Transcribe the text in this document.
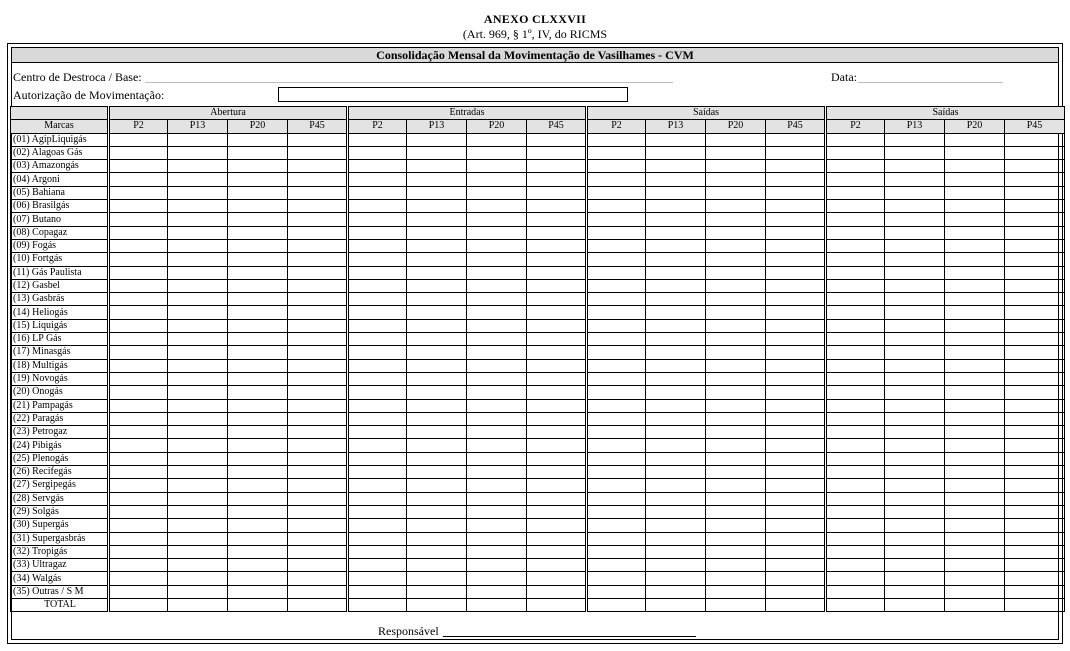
ANEXO CLXXVII
(Art. 969, § 1º, IV, do RICMS
Consolidação Mensal da Movimentação de Vasilhames - CVM
Centro de Destroca / Base:	Data:
Autorização de Movimentação:
	Abertura				Entradas				Saídas				Saídas			
Marcas	P2	P13	P20	P45	P2	P13	P20	P45	P2	P13	P20	P45	P2	P13	P20	P45
(01) AgipLiquigás																
(02) Alagoas Gás																
(03) Amazongás																
(04) Argoni																
(05) Bahiana																
(06) Brasilgás																
(07) Butano																
(08) Copagaz																
(09) Fogás																
(10) Fortgás																
(11) Gás Paulista																
(12) Gasbel																
(13) Gasbrás																
(14) Heliogás																
(15) Liquigás																
(16) LP Gás																
(17) Minasgás																
(18) Multigás																
(19) Novogás																
(20) Onogás																
(21) Pampagás																
(22) Paragás																
(23) Petrogaz																
(24) Pibigás																
(25) Plenogás																
(26) Recifegás																
(27) Sergipegás																
(28) Servgás																
(29) Solgás																
(30) Supergás																
(31) Supergasbrás																
(32) Tropigás																
(33) Ultragaz																
(34) Walgás																
(35) Outras / S M																
TOTAL																
Responsável
